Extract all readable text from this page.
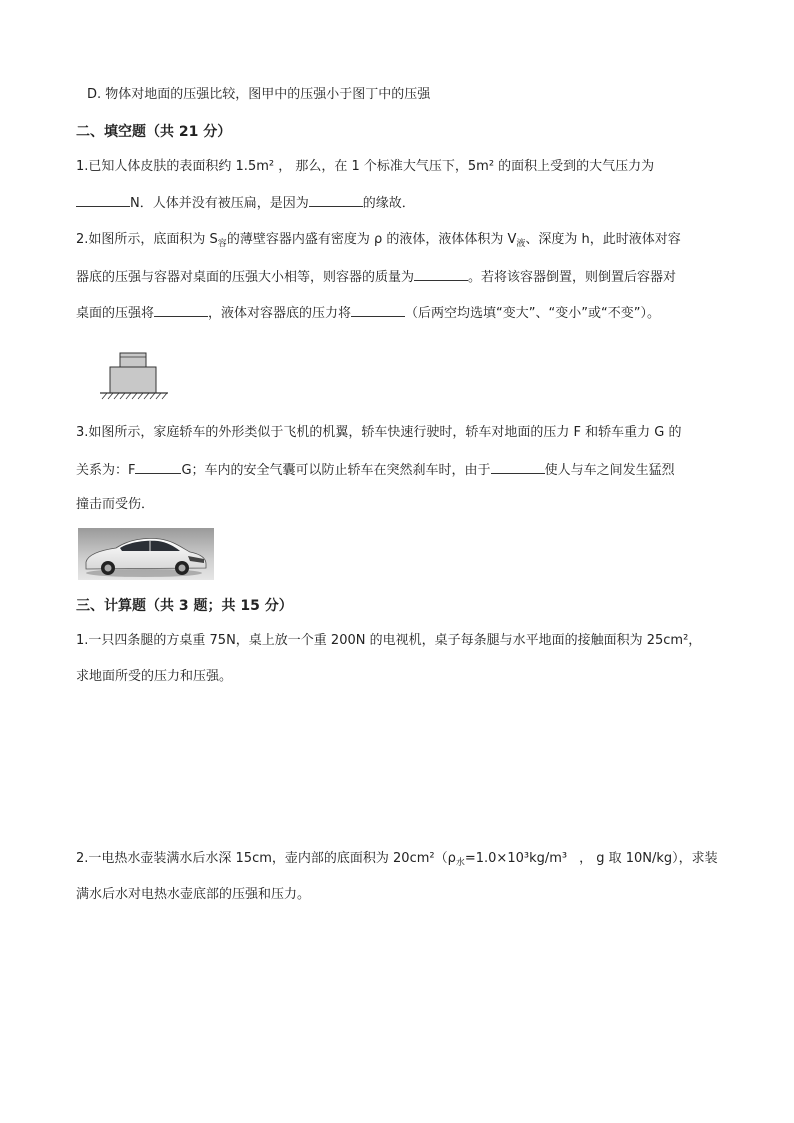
D. 物体对地面的压强比较，图甲中的压强小于图丁中的压强
二、填空题（共 21 分）
1.已知人体皮肤的表面积约 1.5m² ， 那么，在 1 个标准大气压下，5m² 的面积上受到的大气压力为
N．人体并没有被压扁，是因为	的缘故．
2.如图所示，底面积为 $S_容$的薄壁容器内盛有密度为 ρ 的液体，液体体积为 $V_液$、深度为 h，此时液体对容
器底的压强与容器对桌面的压强大小相等，则容器的质量为	。若将该容器倒置，则倒置后容器对
桌面的压强将	，液体对容器底的压力将	（后两空均选填“变大”、“变小”或“不变”）。
3.如图所示，家庭轿车的外形类似于飞机的机翼，轿车快速行驶时，轿车对地面的压力 F 和轿车重力 G 的
关系为：F	G；车内的安全气囊可以防止轿车在突然刹车时，由于	使人与车之间发生猛烈
撞击而受伤．
三、计算题（共 3 题；共 15 分）
1.一只四条腿的方桌重 75N，桌上放一个重 200N 的电视机，桌子每条腿与水平地面的接触面积为 25cm²，
求地面所受的压力和压强。
2.一电热水壶装满水后水深 15cm，壶内部的底面积为 $20cm^2(\rho_水=1.0\times 10^3kg/m^3$ ， g 取 10N/kg），求装
满水后水对电热水壶底部的压强和压力。
